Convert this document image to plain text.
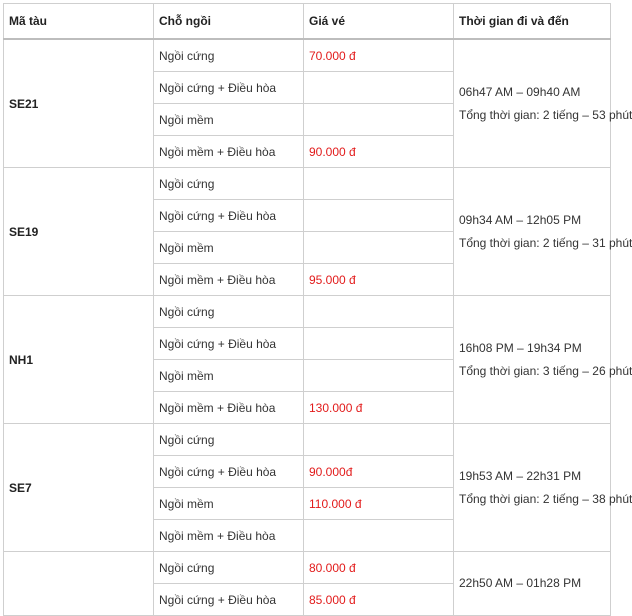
Mã tàu	Chỗ ngồi	Giá vé	Thời gian đi và đến
SE21	Ngồi cứng	70.000 đ	06h47 AM – 09h40 AM
Tổng thời gian: 2 tiếng – 53 phút

	Ngồi cứng + Điều hòa		
	Ngồi mềm		
	Ngồi mềm + Điều hòa	90.000 đ	
SE19	Ngồi cứng		09h34 AM – 12h05 PM
Tổng thời gian: 2 tiếng – 31 phút

	Ngồi cứng + Điều hòa		
	Ngồi mềm		
	Ngồi mềm + Điều hòa	95.000 đ	
NH1	Ngồi cứng		16h08 PM – 19h34 PM
Tổng thời gian: 3 tiếng – 26 phút

	Ngồi cứng + Điều hòa		
	Ngồi mềm		
	Ngồi mềm + Điều hòa	130.000 đ	
SE7	Ngồi cứng		19h53 AM – 22h31 PM
Tổng thời gian: 2 tiếng – 38 phút

	Ngồi cứng + Điều hòa	90.000đ	
	Ngồi mềm	110.000 đ	
	Ngồi mềm + Điều hòa		
	Ngồi cứng	80.000 đ	22h50 AM – 01h28 PM

	Ngồi cứng + Điều hòa	85.000 đ	
